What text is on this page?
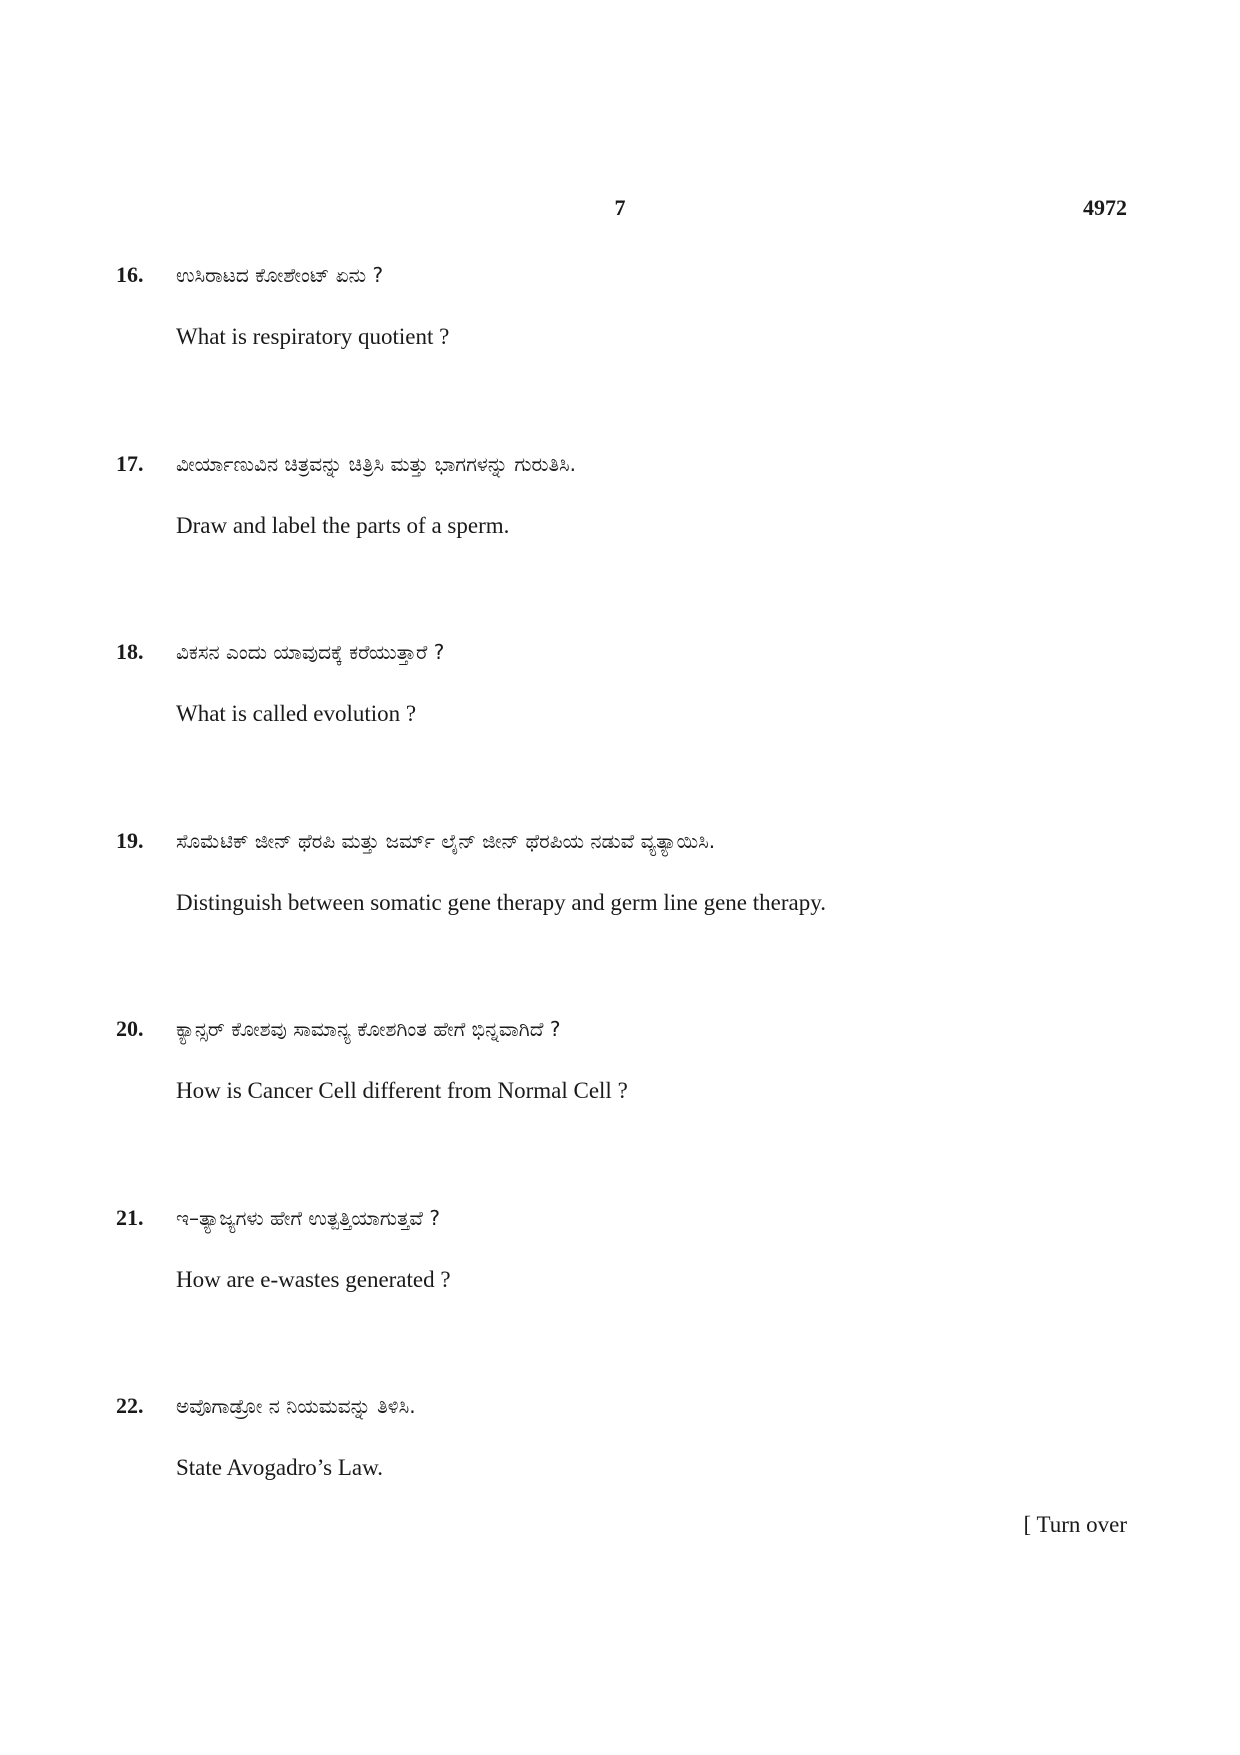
7	4972
16. ಉಸಿರಾಟದ ಕೋಶೇಂಟ್ ಏನು ?
What is respiratory quotient ?
17. ವೀರ್ಯಾಣುವಿನ ಚಿತ್ರವನ್ನು ಚಿತ್ರಿಸಿ ಮತ್ತು ಭಾಗಗಳನ್ನು ಗುರುತಿಸಿ.
Draw and label the parts of a sperm.
18. ವಿಕಸನ ಎಂದು ಯಾವುದಕ್ಕೆ ಕರೆಯುತ್ತಾರೆ ?
What is called evolution ?
19. ಸೊಮೆಟಿಕ್ ಜೀನ್ ಥೆರಪಿ ಮತ್ತು ಜರ್ಮ್ ಲೈನ್ ಜೀನ್ ಥೆರಪಿಯ ನಡುವೆ ವ್ಯತ್ಯಾಯಿಸಿ.
Distinguish between somatic gene therapy and germ line gene therapy.
20. ಕ್ಯಾನ್ಸರ್ ಕೋಶವು ಸಾಮಾನ್ಯ ಕೋಶಗಿಂತ ಹೇಗೆ ಭಿನ್ನವಾಗಿದೆ ?
How is Cancer Cell different from Normal Cell ?
21. ಇ–ತ್ಯಾಜ್ಯಗಳು ಹೇಗೆ ಉತ್ಪತ್ತಿಯಾಗುತ್ತವೆ ?
How are e-wastes generated ?
22. ಅವೊಗಾಡ್ರೋ ನ ನಿಯಮವನ್ನು ತಿಳಿಸಿ.
State Avogadro’s Law.
[ Turn over
